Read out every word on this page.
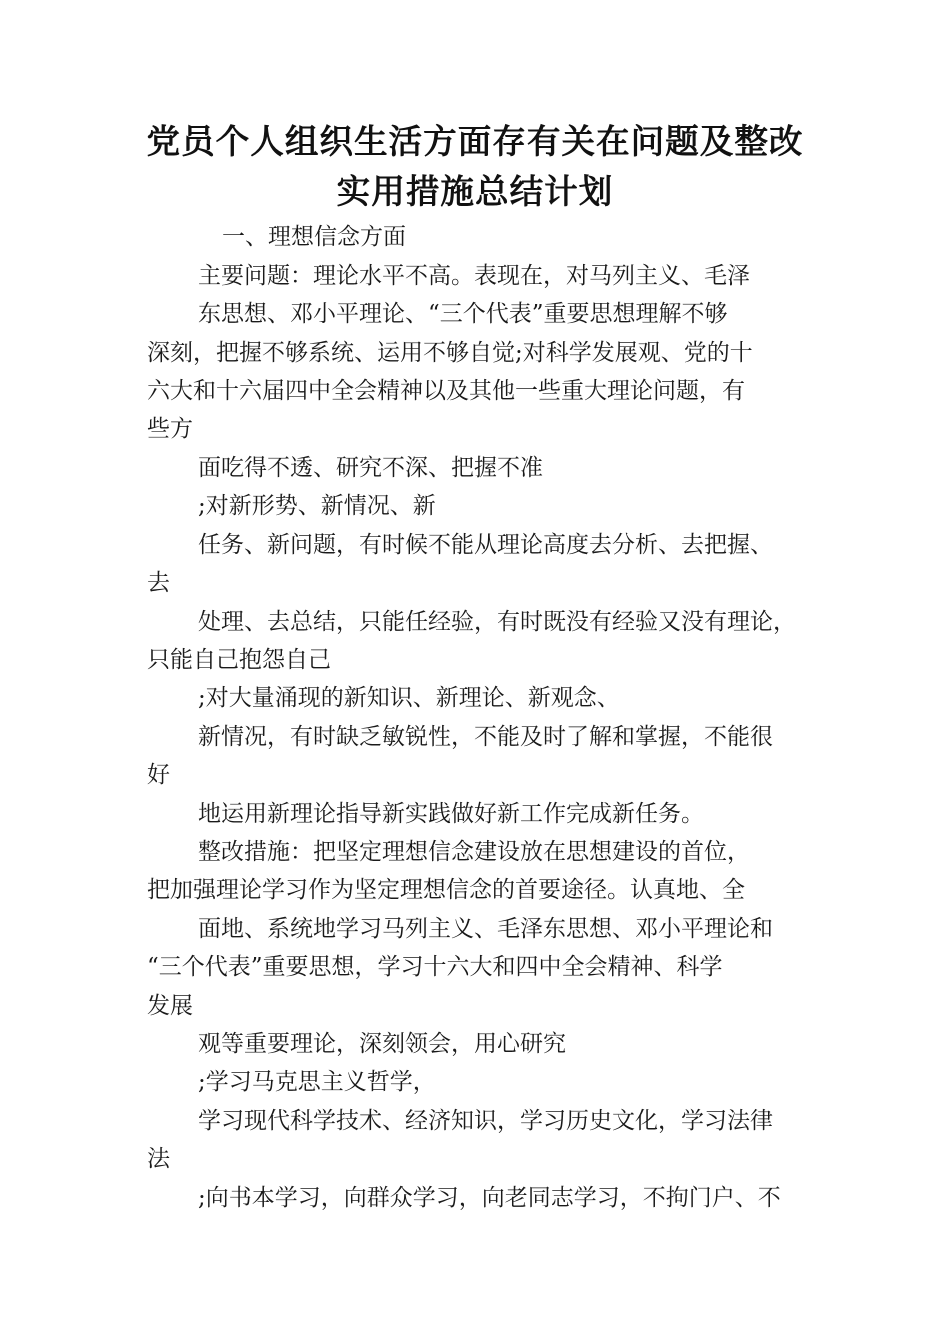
党员个人组织生活方面存有关在问题及整改
实用措施总结计划
一、理想信念方面
主要问题：理论水平不高。表现在，对马列主义、毛泽
东思想、邓小平理论、“三个代表”重要思想理解不够
深刻，把握不够系统、运用不够自觉;对科学发展观、党的十
六大和十六届四中全会精神以及其他一些重大理论问题，有
些方
面吃得不透、研究不深、把握不准
;对新形势、新情况、新
任务、新问题，有时候不能从理论高度去分析、去把握、
去
处理、去总结，只能任经验，有时既没有经验又没有理论，
只能自己抱怨自己
;对大量涌现的新知识、新理论、新观念、
新情况，有时缺乏敏锐性，不能及时了解和掌握，不能很
好
地运用新理论指导新实践做好新工作完成新任务。
整改措施：把坚定理想信念建设放在思想建设的首位，
把加强理论学习作为坚定理想信念的首要途径。认真地、全
面地、系统地学习马列主义、毛泽东思想、邓小平理论和
“三个代表”重要思想，学习十六大和四中全会精神、科学
发展
观等重要理论，深刻领会，用心研究
;学习马克思主义哲学，
学习现代科学技术、经济知识，学习历史文化，学习法律
法
;向书本学习，向群众学习，向老同志学习，不拘门户、不
